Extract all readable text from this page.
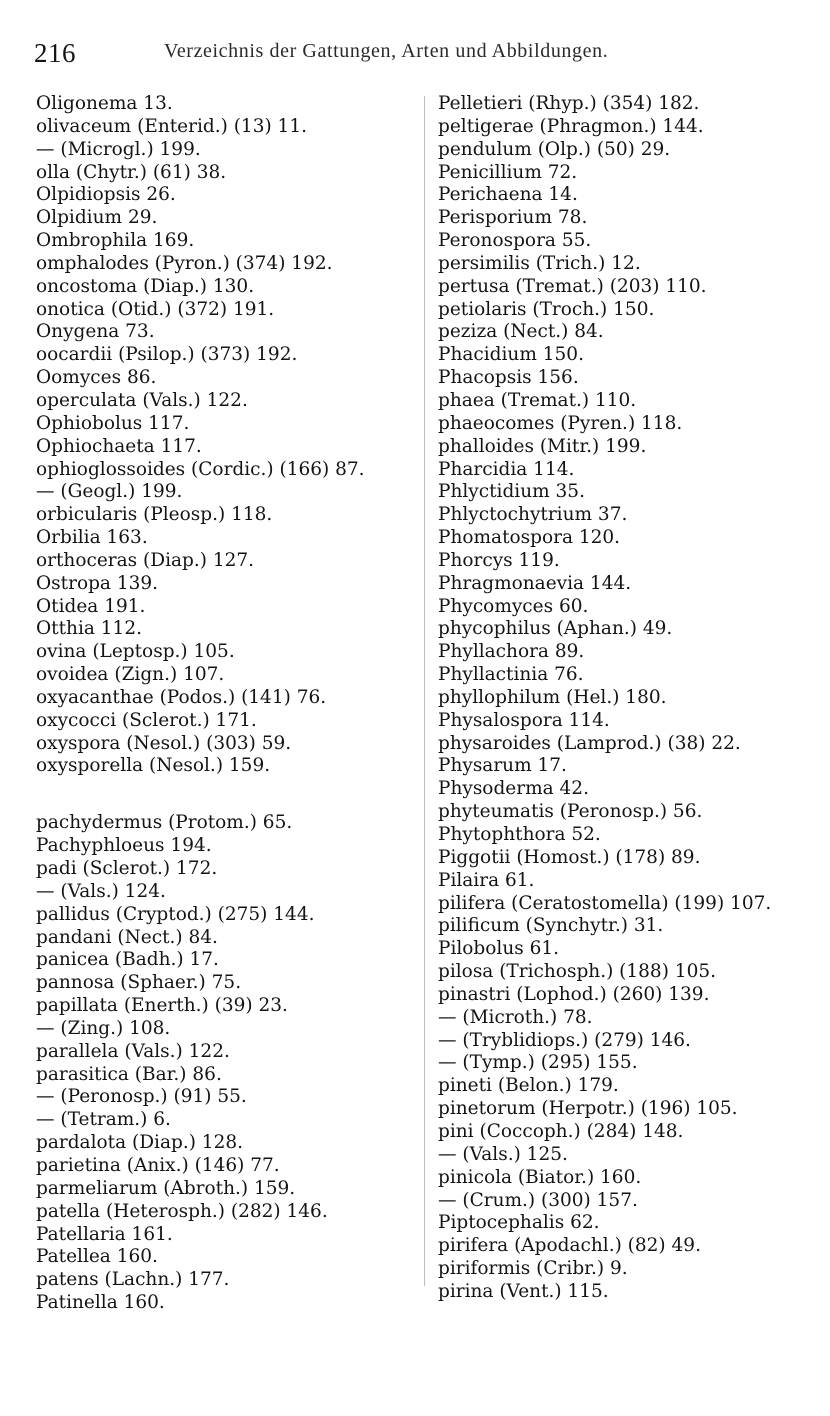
216	Verzeichnis der Gattungen, Arten und Abbildungen.
Oligonema 13.
olivaceum (Enterid.) (13) 11.
— (Microgl.) 199.
olla (Chytr.) (61) 38.
Olpidiopsis 26.
Olpidium 29.
Ombrophila 169.
omphalodes (Pyron.) (374) 192.
oncostoma (Diap.) 130.
onotica (Otid.) (372) 191.
Onygena 73.
oocardii (Psilop.) (373) 192.
Oomyces 86.
operculata (Vals.) 122.
Ophiobolus 117.
Ophiochaeta 117.
ophioglossoides (Cordic.) (166) 87.
— (Geogl.) 199.
orbicularis (Pleosp.) 118.
Orbilia 163.
orthoceras (Diap.) 127.
Ostropa 139.
Otidea 191.
Otthia 112.
ovina (Leptosp.) 105.
ovoidea (Zign.) 107.
oxyacanthae (Podos.) (141) 76.
oxycocci (Sclerot.) 171.
oxyspora (Nesol.) (303) 59.
oxysporella (Nesol.) 159.
pachydermus (Protom.) 65.
Pachyphloeus 194.
padi (Sclerot.) 172.
— (Vals.) 124.
pallidus (Cryptod.) (275) 144.
pandani (Nect.) 84.
panicea (Badh.) 17.
pannosa (Sphaer.) 75.
papillata (Enerth.) (39) 23.
— (Zing.) 108.
parallela (Vals.) 122.
parasitica (Bar.) 86.
— (Peronosp.) (91) 55.
— (Tetram.) 6.
pardalota (Diap.) 128.
parietina (Anix.) (146) 77.
parmeliarum (Abroth.) 159.
patella (Heterosph.) (282) 146.
Patellaria 161.
Patellea 160.
patens (Lachn.) 177.
Patinella 160.
Pelletieri (Rhyp.) (354) 182.
peltigerae (Phragmon.) 144.
pendulum (Olp.) (50) 29.
Penicillium 72.
Perichaena 14.
Perisporium 78.
Peronospora 55.
persimilis (Trich.) 12.
pertusa (Tremat.) (203) 110.
petiolaris (Troch.) 150.
peziza (Nect.) 84.
Phacidium 150.
Phacopsis 156.
phaea (Tremat.) 110.
phaeocomes (Pyren.) 118.
phalloides (Mitr.) 199.
Pharcidia 114.
Phlyctidium 35.
Phlyctochytrium 37.
Phomatospora 120.
Phorcys 119.
Phragmonaevia 144.
Phycomyces 60.
phycophilus (Aphan.) 49.
Phyllachora 89.
Phyllactinia 76.
phyllophilum (Hel.) 180.
Physalospora 114.
physaroides (Lamprod.) (38) 22.
Physarum 17.
Physoderma 42.
phyteumatis (Peronosp.) 56.
Phytophthora 52.
Piggotii (Homost.) (178) 89.
Pilaira 61.
pilifera (Ceratostomella) (199) 107.
pilificum (Synchytr.) 31.
Pilobolus 61.
pilosa (Trichosph.) (188) 105.
pinastri (Lophod.) (260) 139.
— (Microth.) 78.
— (Tryblidiops.) (279) 146.
— (Tymp.) (295) 155.
pineti (Belon.) 179.
pinetorum (Herpotr.) (196) 105.
pini (Coccoph.) (284) 148.
— (Vals.) 125.
pinicola (Biator.) 160.
— (Crum.) (300) 157.
Piptocephalis 62.
pirifera (Apodachl.) (82) 49.
piriformis (Cribr.) 9.
pirina (Vent.) 115.
